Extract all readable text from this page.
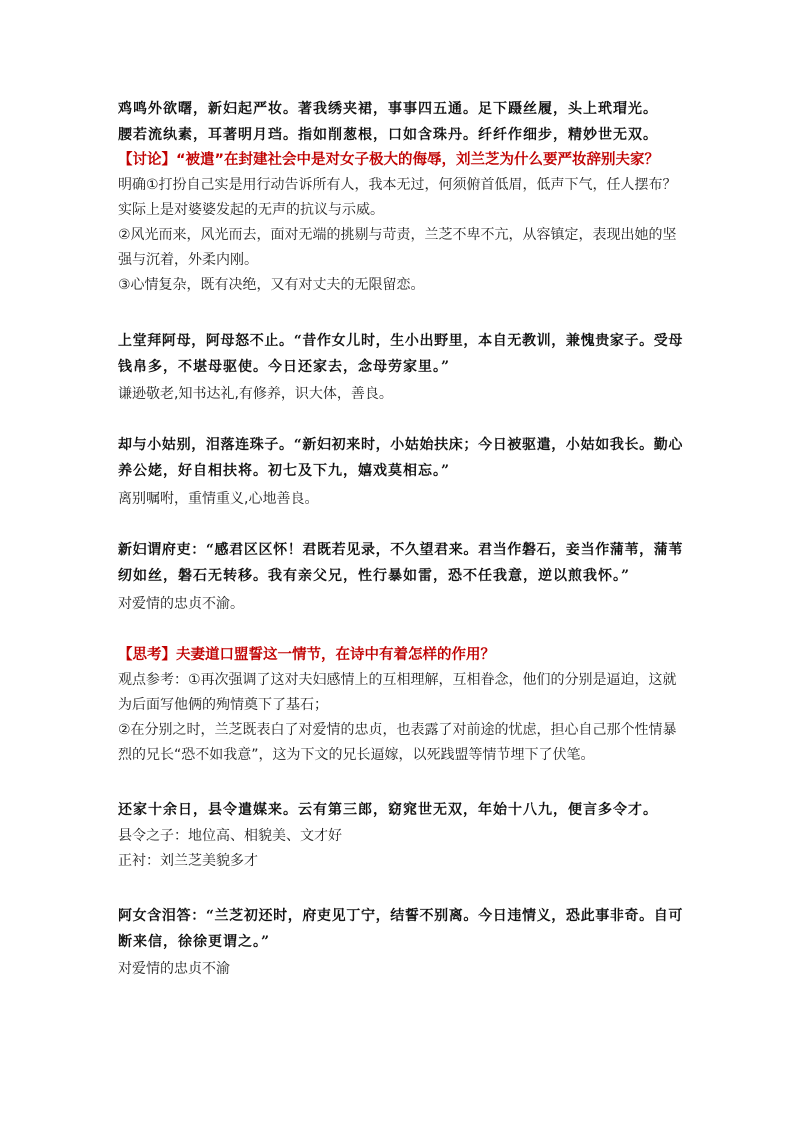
鸡鸣外欲曙，新妇起严妆。著我绣夹裙，事事四五通。足下蹑丝履，头上玳瑁光。
腰若流纨素，耳著明月珰。指如削葱根，口如含珠丹。纤纤作细步，精妙世无双。
【讨论】“被遣”在封建社会中是对女子极大的侮辱，刘兰芝为什么要严妆辞别夫家？
明确①打扮自己实是用行动告诉所有人，我本无过，何须俯首低眉，低声下气，任人摆布？
实际上是对婆婆发起的无声的抗议与示威。
②风光而来，风光而去，面对无端的挑剔与苛责，兰芝不卑不亢，从容镇定，表现出她的坚
强与沉着，外柔内刚。
③心情复杂，既有决绝，又有对丈夫的无限留恋。
上堂拜阿母，阿母怒不止。“昔作女儿时，生小出野里，本自无教训，兼愧贵家子。受母
钱帛多，不堪母驱使。今日还家去，念母劳家里。”
谦逊敬老,知书达礼,有修养，识大体，善良。
却与小姑别，泪落连珠子。“新妇初来时，小姑始扶床；今日被驱遣，小姑如我长。勤心
养公姥，好自相扶将。初七及下九，嬉戏莫相忘。”
离别嘱咐，重情重义,心地善良。
新妇谓府吏：“感君区区怀！君既若见录，不久望君来。君当作磐石，妾当作蒲苇，蒲苇
纫如丝，磐石无转移。我有亲父兄，性行暴如雷，恐不任我意，逆以煎我怀。”
对爱情的忠贞不渝。
【思考】夫妻道口盟誓这一情节，在诗中有着怎样的作用？
观点参考：①再次强调了这对夫妇感情上的互相理解，互相眷念，他们的分别是逼迫，这就
为后面写他俩的殉情奠下了基石；
②在分别之时，兰芝既表白了对爱情的忠贞，也表露了对前途的忧虑，担心自己那个性情暴
烈的兄长“恐不如我意”，这为下文的兄长逼嫁，以死践盟等情节埋下了伏笔。
还家十余日，县令遣媒来。云有第三郎，窈窕世无双，年始十八九，便言多令才。
县令之子：地位高、相貌美、文才好
正衬：刘兰芝美貌多才
阿女含泪答：“兰芝初还时，府吏见丁宁，结誓不别离。今日违情义，恐此事非奇。自可
断来信，徐徐更谓之。”
对爱情的忠贞不渝
